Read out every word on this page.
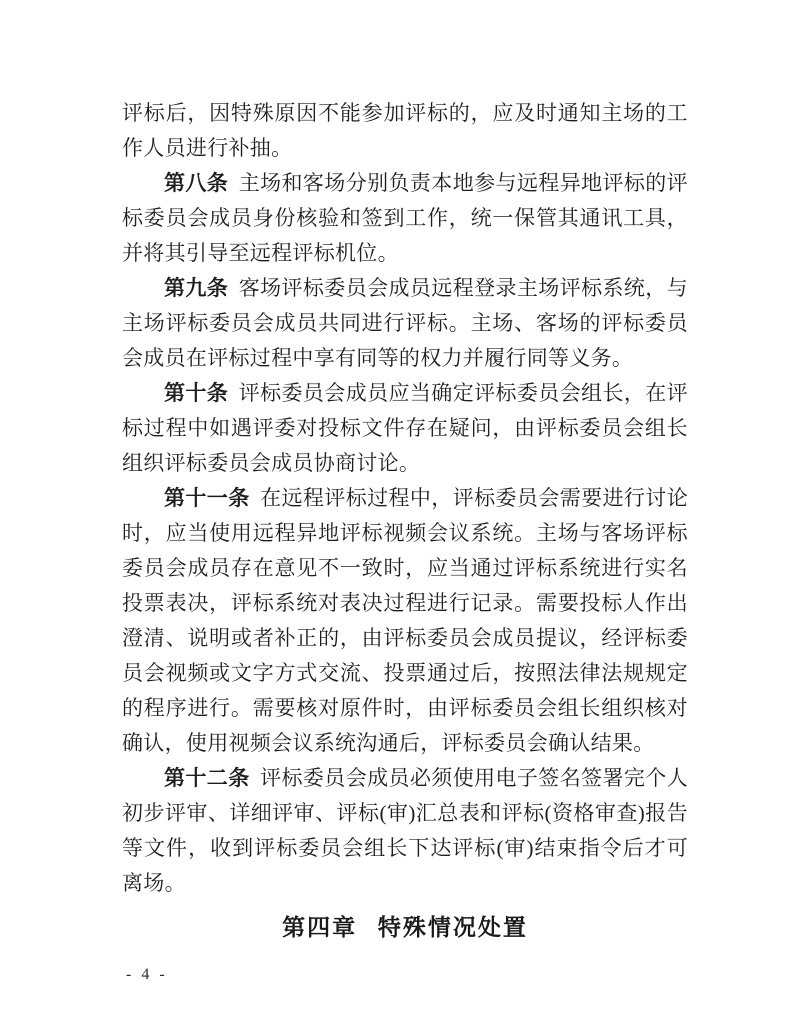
评标后，因特殊原因不能参加评标的，应及时通知主场的工作人员进行补抽。

第八条 主场和客场分别负责本地参与远程异地评标的评标委员会成员身份核验和签到工作，统一保管其通讯工具，并将其引导至远程评标机位。

第九条 客场评标委员会成员远程登录主场评标系统，与主场评标委员会成员共同进行评标。主场、客场的评标委员会成员在评标过程中享有同等的权力并履行同等义务。

第十条 评标委员会成员应当确定评标委员会组长，在评标过程中如遇评委对投标文件存在疑问，由评标委员会组长组织评标委员会成员协商讨论。

第十一条 在远程评标过程中，评标委员会需要进行讨论时，应当使用远程异地评标视频会议系统。主场与客场评标委员会成员存在意见不一致时，应当通过评标系统进行实名投票表决，评标系统对表决过程进行记录。需要投标人作出澄清、说明或者补正的，由评标委员会成员提议，经评标委员会视频或文字方式交流、投票通过后，按照法律法规规定的程序进行。需要核对原件时，由评标委员会组长组织核对确认，使用视频会议系统沟通后，评标委员会确认结果。

第十二条 评标委员会成员必须使用电子签名签署完个人初步评审、详细评审、评标(审)汇总表和评标(资格审查)报告等文件，收到评标委员会组长下达评标(审)结束指令后才可离场。

第四章 特殊情况处置
- 4 -
